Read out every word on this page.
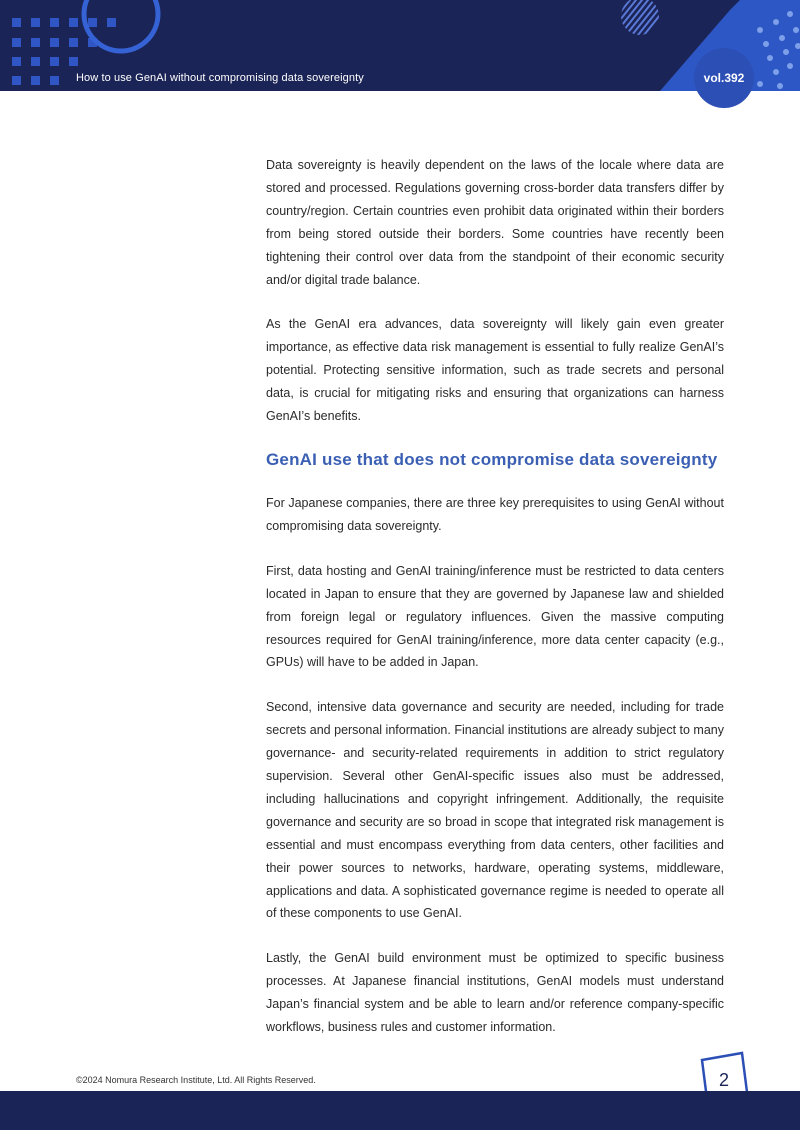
How to use GenAI without compromising data sovereignty	vol.392

Data sovereignty is heavily dependent on the laws of the locale where data are stored and processed. Regulations governing cross-border data transfers differ by country/region. Certain countries even prohibit data originated within their borders from being stored outside their borders. Some countries have recently been tightening their control over data from the standpoint of their economic security and/or digital trade balance.

As the GenAI era advances, data sovereignty will likely gain even greater importance, as effective data risk management is essential to fully realize GenAI’s potential. Protecting sensitive information, such as trade secrets and personal data, is crucial for mitigating risks and ensuring that organizations can harness GenAI’s benefits.

GenAI use that does not compromise data sovereignty

For Japanese companies, there are three key prerequisites to using GenAI without compromising data sovereignty.

First, data hosting and GenAI training/inference must be restricted to data centers located in Japan to ensure that they are governed by Japanese law and shielded from foreign legal or regulatory influences. Given the massive computing resources required for GenAI training/inference, more data center capacity (e.g., GPUs) will have to be added in Japan.

Second, intensive data governance and security are needed, including for trade secrets and personal information. Financial institutions are already subject to many governance- and security-related requirements in addition to strict regulatory supervision. Several other GenAI-specific issues also must be addressed, including hallucinations and copyright infringement. Additionally, the requisite governance and security are so broad in scope that integrated risk management is essential and must encompass everything from data centers, other facilities and their power sources to networks, hardware, operating systems, middleware, applications and data. A sophisticated governance regime is needed to operate all of these components to use GenAI.

Lastly, the GenAI build environment must be optimized to specific business processes. At Japanese financial institutions, GenAI models must understand Japan’s financial system and be able to learn and/or reference company-specific workflows, business rules and customer information.

©2024 Nomura Research Institute, Ltd. All Rights Reserved.	2
